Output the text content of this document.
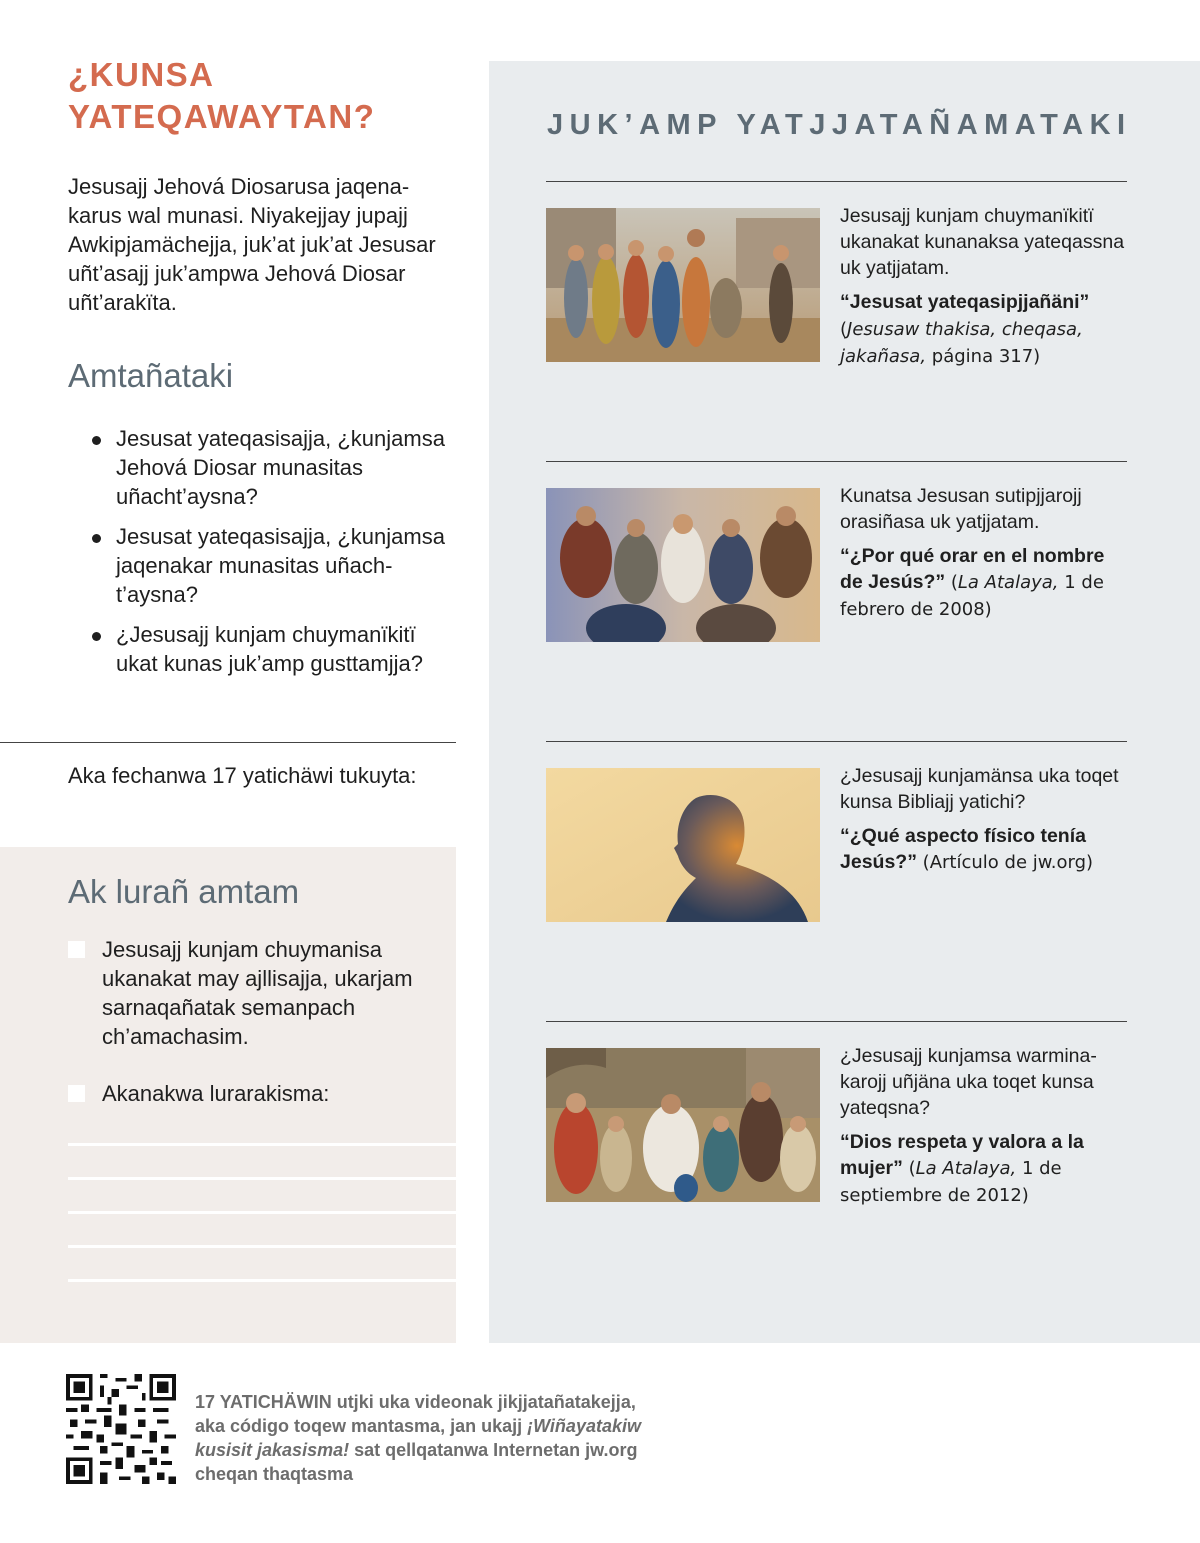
¿KUNSA YATEQAWAYTAN?

Jesusajj Jehová Diosarusa jaqenakarus wal munasi. Niyakejjay jupajj Awkipjamächejja, juk’at juk’at Jesusar uñt’asajj juk’ampwa Jehová Diosar uñt’arakïta.

Amtañataki
Jesusat yateqasisajja, ¿kunjamsa Jehová Diosar munasitas uñacht’aysna?
Jesusat yateqasisajja, ¿kunjamsa jaqenakar munasitas uñacht’aysna?
¿Jesusajj kunjam chuymanïkitï ukat kunas juk’amp gusttamjja?

Aka fechanwa 17 yatichäwi tukuyta:

Ak lurañ amtam
Jesusajj kunjam chuymanisa ukanakat may ajllisajja, ukarjam sarnaqañatak semanpach ch’amachasim.
Akanakwa lurarakisma:
JUK’AMP YATJJATAÑAMATAKI

Jesusajj kunjam chuymanïkitï ukanakat kunanaksa yateqassna uk yatjjatam.

“Jesusat yateqasipjjañäni” (Jesusaw thakisa, cheqasa, jakañasa, página 317)

Kunatsa Jesusan sutipjjarojj orasiñasa uk yatjjatam.

“¿Por qué orar en el nombre de Jesús?” (La Atalaya, 1 de febrero de 2008)

¿Jesusajj kunjamänsa uka toqet kunsa Bibliajj yatichi?

“¿Qué aspecto físico tenía Jesús?” (Artículo de jw.org)

¿Jesusajj kunjamsa warminakarojj uñjäna uka toqet kunsa yateqsna?

“Dios respeta y valora a la mujer” (La Atalaya, 1 de septiembre de 2012)

17 YATICHÄWIN utjki uka videonak jikjjatañatakejja, aka código toqew mantasma, jan ukajj ¡Wiñayatakiw kusisit jakasisma! sat qellqatanwa Internetan jw.org cheqan thaqtasma
